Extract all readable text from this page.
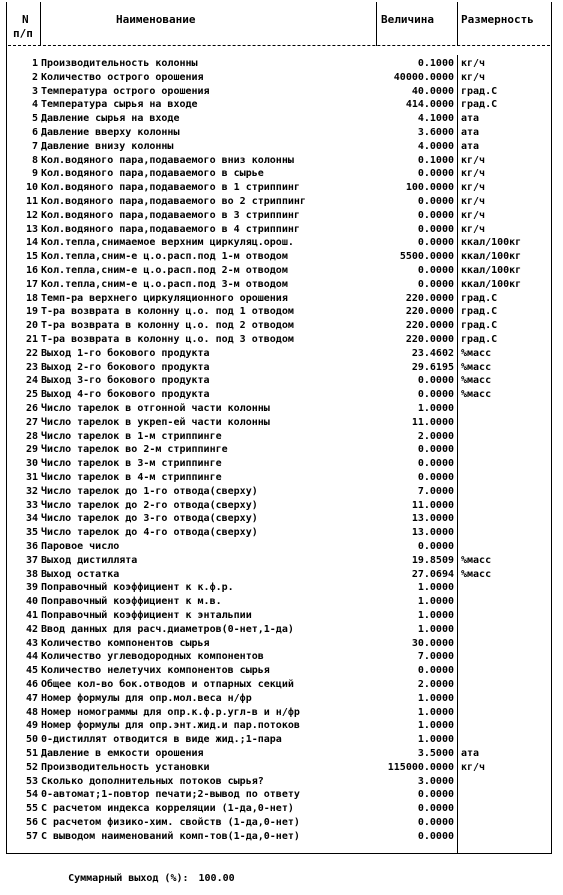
N
п/п
Наименование	Величина Размерность
1 Производительность колонны	0.1000 кг/ч
2 Количество острого орошения	40000.0000 кг/ч
3 Температура острого орошения	40.0000 град.С
4 Температура сырья на входе	414.0000 град.С
5 Давление сырья на входе	4.1000 ата
6 Давление вверху колонны	3.6000 ата
7 Давление внизу колонны	4.0000 ата
8 Кол.водяного пара,подаваемого вниз колонны	0.1000 кг/ч
9 Кол.водяного пара,подаваемого в сырье	0.0000 кг/ч
10 Кол.водяного пара,подаваемого в 1 стриппинг	100.0000 кг/ч
11 Кол.водяного пара,подаваемого во 2 стриппинг	0.0000 кг/ч
12 Кол.водяного пара,подаваемого в 3 стриппинг	0.0000 кг/ч
13 Кол.водяного пара,подаваемого в 4 стриппинг	0.0000 кг/ч
14 Кол.тепла,снимаемое верхним циркуляц.орош.	0.0000 ккал/100кг
15 Кол.тепла,сним-е ц.о.расп.под 1-м отводом	5500.0000 ккал/100кг
16 Кол.тепла,сним-е ц.о.расп.под 2-м отводом	0.0000 ккал/100кг
17 Кол.тепла,сним-е ц.о.расп.под 3-м отводом	0.0000 ккал/100кг
18 Темп-ра верхнего циркуляционного орошения	220.0000 град.С
19 Т-ра возврата в колонну ц.о. под 1 отводом	220.0000 град.С
20 Т-ра возврата в колонну ц.о. под 2 отводом	220.0000 град.С
21 Т-ра возврата в колонну ц.о. под 3 отводом	220.0000 град.С
22 Выход 1-го бокового продукта	23.4602 %масс
23 Выход 2-го бокового продукта	29.6195 %масс
24 Выход 3-го бокового продукта	0.0000 %масс
25 Выход 4-го бокового продукта	0.0000 %масс
26 Число тарелок в отгонной части колонны	1.0000
27 Число тарелок в укреп-ей части колонны	11.0000
28 Число тарелок в 1-м стриппинге	2.0000
29 Число тарелок во 2-м стриппинге	0.0000
30 Число тарелок в 3-м стриппинге	0.0000
31 Число тарелок в 4-м стриппинге	0.0000
32 Число тарелок до 1-го отвода(сверху)	7.0000
33 Число тарелок до 2-го отвода(сверху)	11.0000
34 Число тарелок до 3-го отвода(сверху)	13.0000
35 Число тарелок до 4-го отвода(сверху)	13.0000
36 Паровое число	0.0000
37 Выход дистиллята	19.8509 %масс
38 Выход остатка	27.0694 %масс
39 Поправочный коэффициент к к.ф.р.	1.0000
40 Поправочный коэффициент к м.в.	1.0000
41 Поправочный коэффициент к энтальпии	1.0000
42 Ввод данных для расч.диаметров(0-нет,1-да)	1.0000
43 Количество компонентов сырья	30.0000
44 Количество углеводородных компонентов	7.0000
45 Количество нелетучих компонентов сырья	0.0000
46 Общее кол-во бок.отводов и отпарных секций	2.0000
47 Номер формулы для опр.мол.веса н/фр	1.0000
48 Номер номограммы для опр.к.ф.р.угл-в и н/фр	1.0000
49 Номер формулы для опр.энт.жид.и пар.потоков	1.0000
50 0-дистиллят отводится в виде жид.;1-пара	1.0000
51 Давление в емкости орошения	3.5000 ата
52 Производительность установки	115000.0000 кг/ч
53 Сколько дополнительных потоков сырья?	3.0000
54 0-автомат;1-повтор печати;2-вывод по ответу	0.0000
55 С расчетом индекса корреляции (1-да,0-нет)	0.0000
56 С расчетом физико-хим. свойств (1-да,0-нет)	0.0000
57 С выводом наименований комп-тов(1-да,0-нет)	0.0000

Суммарный выход (%): 100.00
